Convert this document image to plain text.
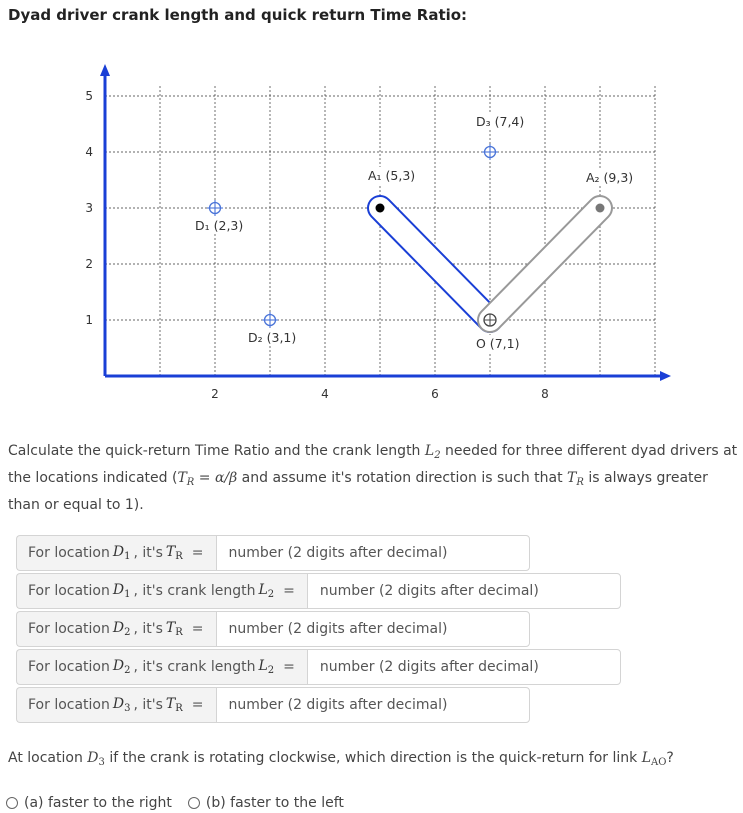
Dyad driver crank length and quick return Time Ratio:
2	4	6	8
1
2
3
4
5
D₁ (2,3)
D₂ (3,1)
D₃ (7,4)
A₁ (5,3)	A₂ (9,3)
O (7,1)
Calculate the quick-return Time Ratio and the crank length $L_2$ needed for three different dyad drivers at the locations indicated ($T_R = \alpha/\beta$ and assume it's rotation direction is such that $T_R$ is always greater than or equal to 1).
For location $D_1$ , it's $T_R$ =	number (2 digits after decimal)
For location $D_1$ , it's crank length $L_2$ =	number (2 digits after decimal)
For location $D_2$ , it's $T_R$ =	number (2 digits after decimal)
For location $D_2$ , it's crank length $L_2$ =	number (2 digits after decimal)
For location $D_3$ , it's $T_R$ =	number (2 digits after decimal)
At location $D_3$ if the crank is rotating clockwise, which direction is the quick-return for link $L_{AO}$?
(a) faster to the right (b) faster to the left
